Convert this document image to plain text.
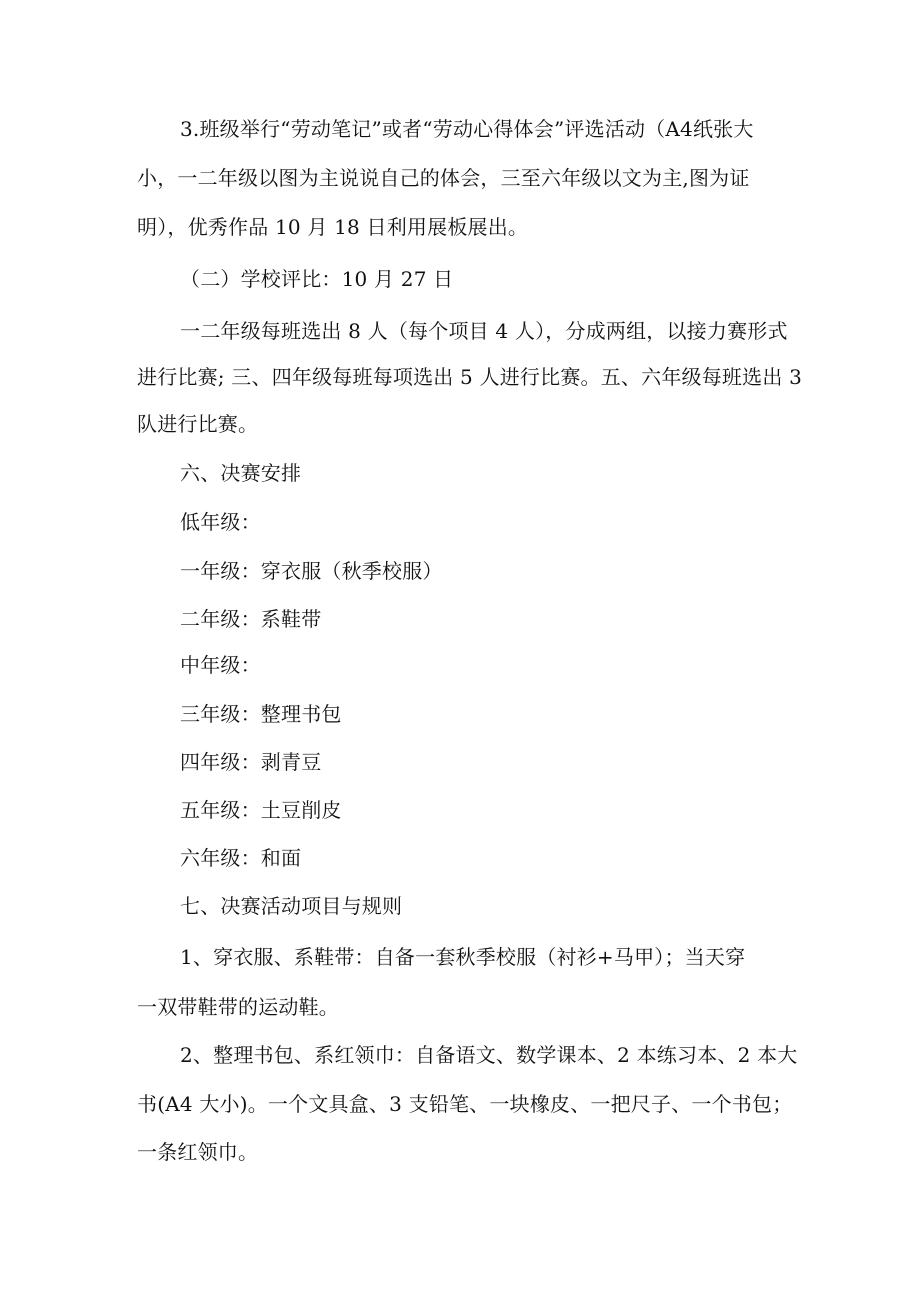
3.班级举行“劳动笔记”或者“劳动心得体会”评选活动（A4纸张大
小，一二年级以图为主说说自己的体会，三至六年级以文为主,图为证
明），优秀作品 10 月 18 日利用展板展出。
（二）学校评比：10 月 27 日
一二年级每班选出 8 人（每个项目 4 人），分成两组，以接力赛形式
进行比赛; 三、四年级每班每项选出 5 人进行比赛。五、六年级每班选出 3
队进行比赛。
六、决赛安排
低年级：
一年级：穿衣服（秋季校服）
二年级：系鞋带
中年级：
三年级：整理书包
四年级：剥青豆
五年级：土豆削皮
六年级：和面
七、决赛活动项目与规则
1、穿衣服、系鞋带：自备一套秋季校服（衬衫+马甲）；当天穿
一双带鞋带的运动鞋。
2、整理书包、系红领巾：自备语文、数学课本、2 本练习本、2 本大
书(A4 大小)。一个文具盒、3 支铅笔、一块橡皮、一把尺子、一个书包；
一条红领巾。
